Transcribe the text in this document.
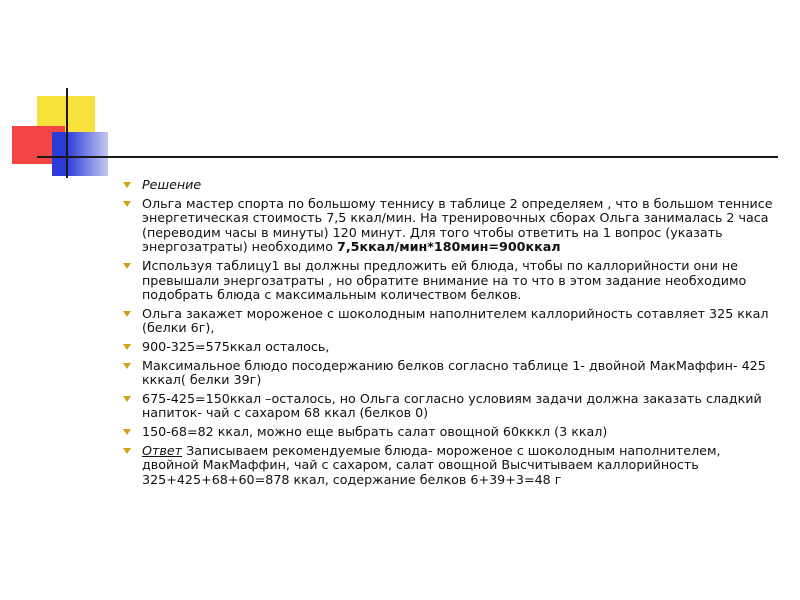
Решение
Ольга мастер спорта по большому теннису в таблице 2 определяем , что в большом теннисе энергетическая стоимость 7,5 ккал/мин. На тренировочных сборах Ольга занималась 2 часа (переводим часы в минуты) 120 минут. Для того чтобы ответить на 1 вопрос (указать энергозатраты) необходимо 7,5ккал/мин*180мин=900ккал
Используя таблицу1 вы должны предложить ей блюда, чтобы по каллорийности они не превышали энергозатраты , но обратите внимание на то что в этом задание необходимо подобрать блюда с максимальным количеством белков.
Ольга закажет мороженое с шоколодным наполнителем каллорийность сотавляет 325 ккал (белки 6г),
900-325=575ккал осталось,
Максимальное блюдо посодержанию белков согласно таблице 1- двойной МакМаффин- 425 кккал( белки 39г)
675-425=150ккал –осталось, но Ольга согласно условиям задачи должна заказать сладкий напиток- чай с сахаром 68 ккал (белков 0)
150-68=82 ккал, можно еще выбрать салат овощной 60кккл (3 ккал)
Ответ Записываем рекомендуемые блюда- мороженое с шоколодным наполнителем, двойной МакМаффин, чай с сахаром, салат овощной Высчитываем каллорийность 325+425+68+60=878 ккал, содержание белков 6+39+3=48 г
